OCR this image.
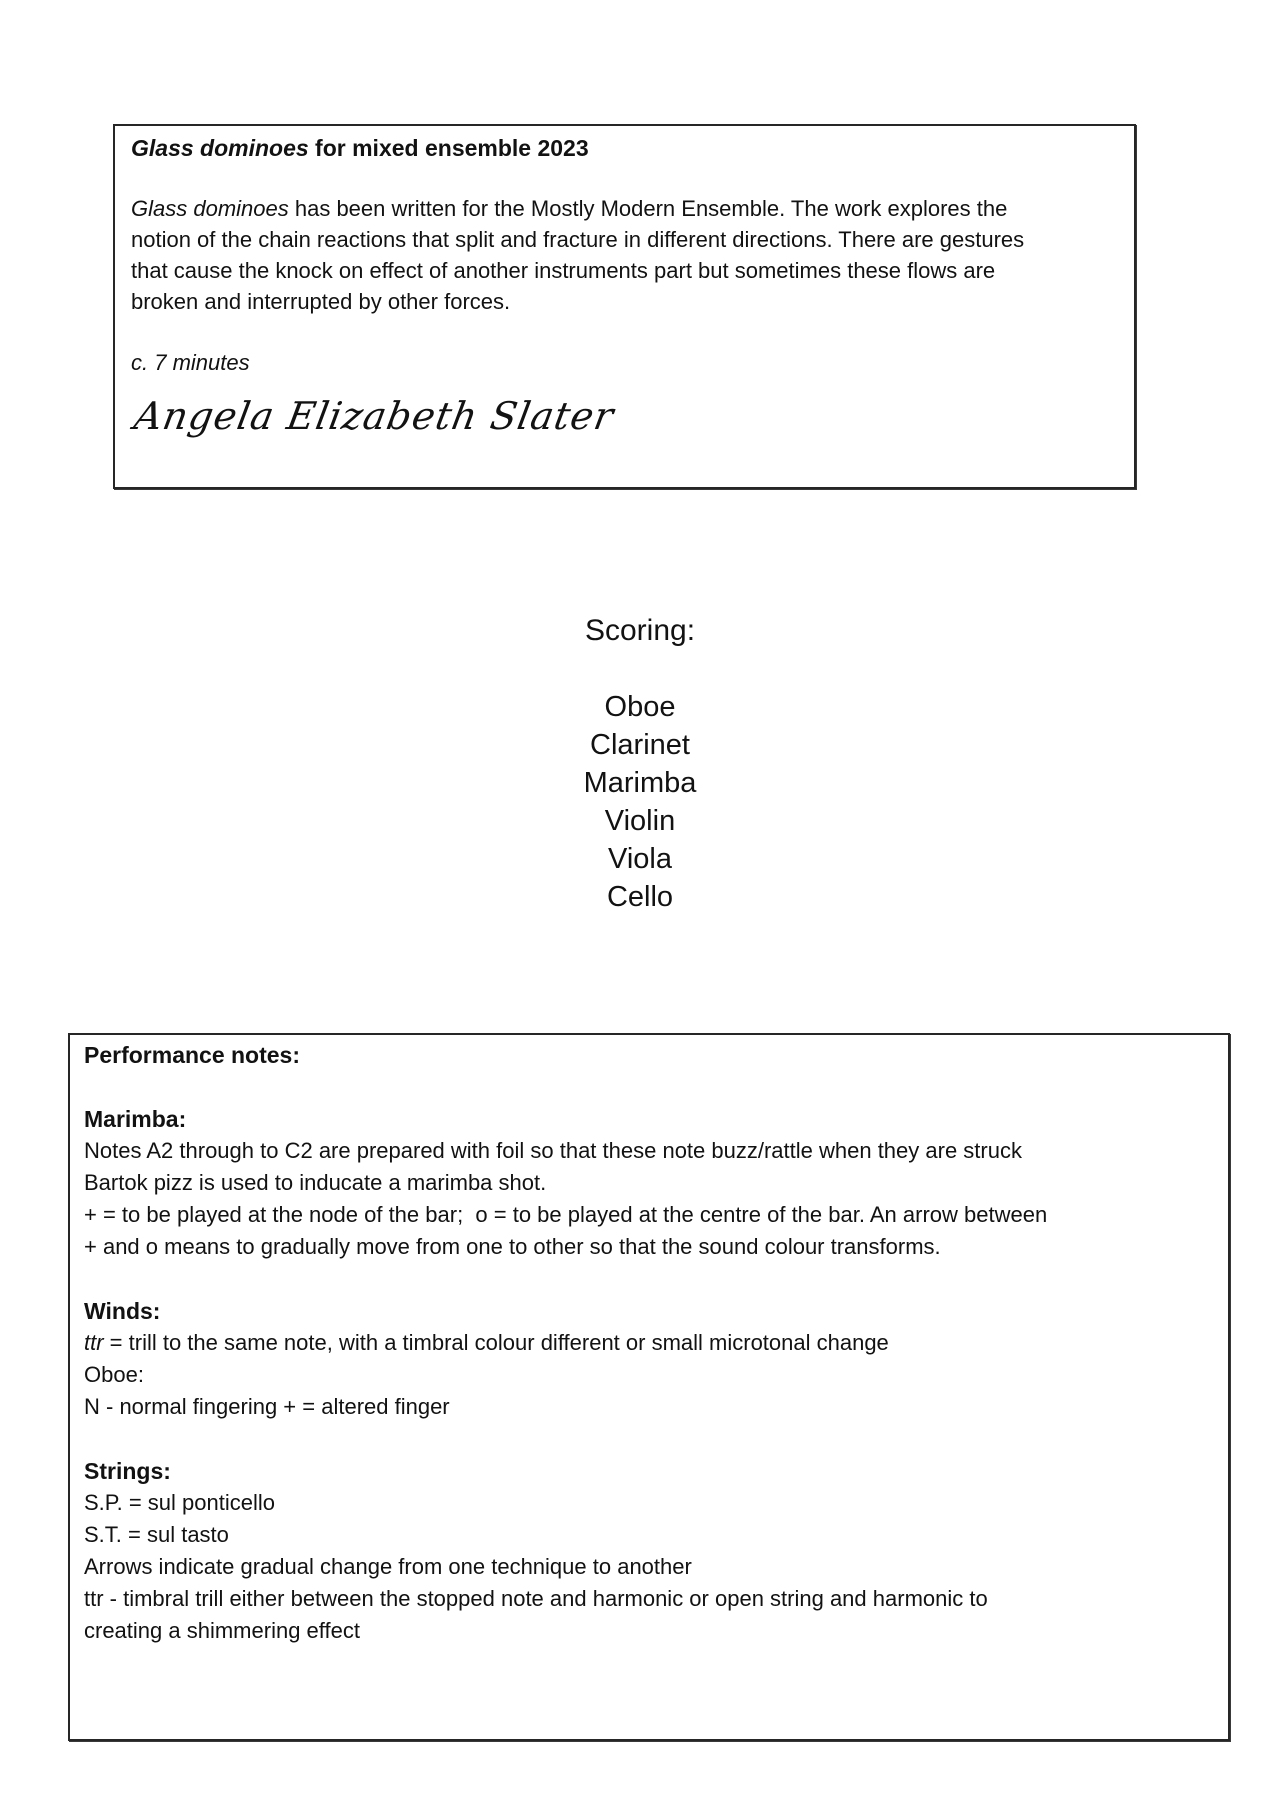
Glass dominoes for mixed ensemble 2023
Glass dominoes has been written for the Mostly Modern Ensemble. The work explores the
notion of the chain reactions that split and fracture in different directions. There are gestures
that cause the knock on effect of another instruments part but sometimes these flows are
broken and interrupted by other forces.
c. 7 minutes
Angela Elizabeth Slater
Scoring:
Oboe
Clarinet
Marimba
Violin
Viola
Cello
Performance notes:
Marimba:
Notes A2 through to C2 are prepared with foil so that these note buzz/rattle when they are struck
Bartok pizz is used to inducate a marimba shot.
+ = to be played at the node of the bar;  o = to be played at the centre of the bar. An arrow between
+ and o means to gradually move from one to other so that the sound colour transforms.
Winds:
ttr = trill to the same note, with a timbral colour different or small microtonal change
Oboe:
N - normal fingering + = altered finger
Strings:
S.P. = sul ponticello
S.T. = sul tasto
Arrows indicate gradual change from one technique to another
ttr - timbral trill either between the stopped note and harmonic or open string and harmonic to
creating a shimmering effect
